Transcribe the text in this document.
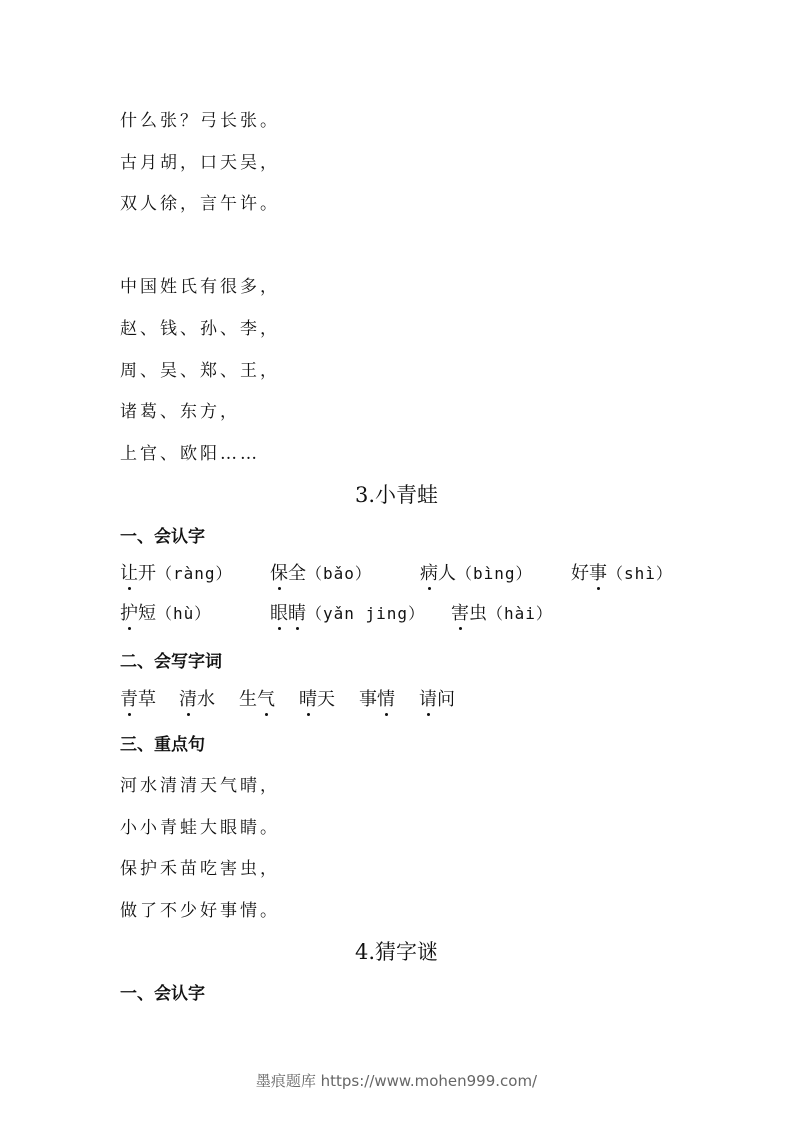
什么张？弓长张。
古月胡，口天吴，
双人徐，言午许。
中国姓氏有很多，
赵、钱、孙、李，
周、吴、郑、王，
诸葛、东方，
上官、欧阳……
3.小青蛙
一、会认字
让开（ràng） 保全（bǎo）	病人（bìng） 好事（shì）
护短（hù）	眼睛（yǎn jing） 害虫（hài）
二、会写字词
青草 清水 生气 晴天 事情 请问
三、重点句
河水清清天气晴，
小小青蛙大眼睛。
保护禾苗吃害虫，
做了不少好事情。
4.猜字谜
一、会认字
墨痕题库 https://www.mohen999.com/
